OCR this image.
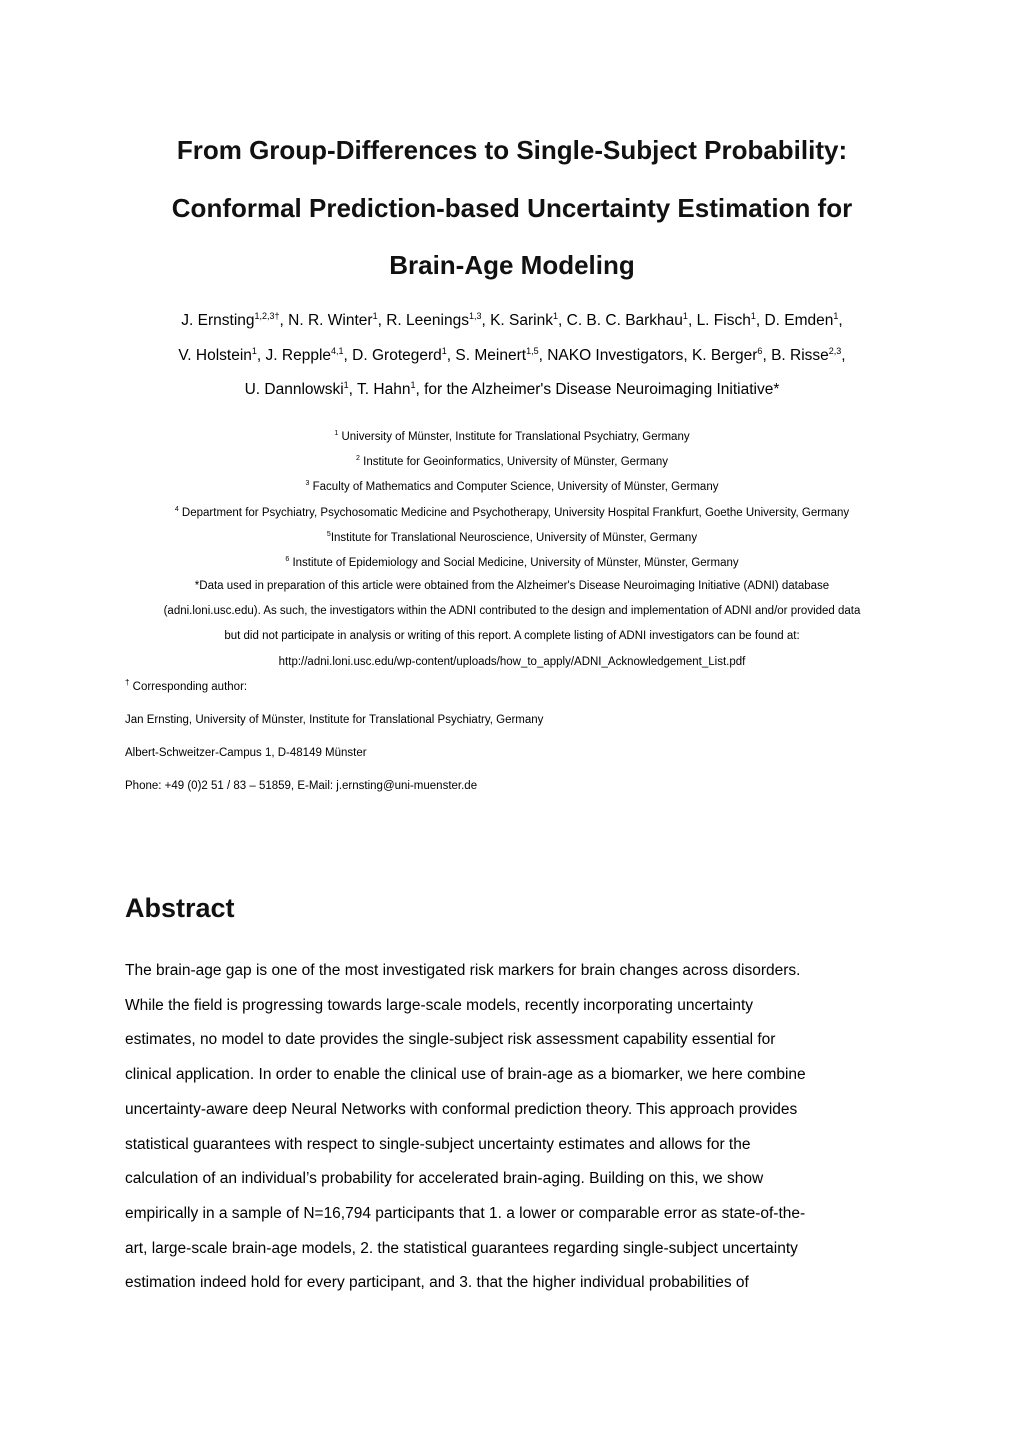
From Group-Differences to Single-Subject Probability:
Conformal Prediction-based Uncertainty Estimation for
Brain-Age Modeling
J. Ernsting$^{1,2,3\dagger}$, N. R. Winter$^1$, R. Leenings$^{1,3}$, K. Sarink$^1$, C. B. C. Barkhau$^1$, L. Fisch$^1$, D. Emden$^1$,
V. Holstein$^1$, J. Repple$^{4,1}$, D. Grotegerd$^1$, S. Meinert$^{1,5}$, NAKO Investigators, K. Berger$^6$, B. Risse$^{2,3}$,
U. Dannlowski$^1$, T. Hahn$^1$, for the Alzheimer's Disease Neuroimaging Initiative*
$^1$ University of Münster, Institute for Translational Psychiatry, Germany
$^2$ Institute for Geoinformatics, University of Münster, Germany
$^3$ Faculty of Mathematics and Computer Science, University of Münster, Germany
$^4$ Department for Psychiatry, Psychosomatic Medicine and Psychotherapy, University Hospital Frankfurt, Goethe University, Germany
$^5$Institute for Translational Neuroscience, University of Münster, Germany
$^6$ Institute of Epidemiology and Social Medicine, University of Münster, Münster, Germany
*Data used in preparation of this article were obtained from the Alzheimer's Disease Neuroimaging Initiative (ADNI) database
(adni.loni.usc.edu). As such, the investigators within the ADNI contributed to the design and implementation of ADNI and/or provided data
but did not participate in analysis or writing of this report. A complete listing of ADNI investigators can be found at:
http://adni.loni.usc.edu/wp-content/uploads/how_to_apply/ADNI_Acknowledgement_List.pdf
† Corresponding author:
Jan Ernsting, University of Münster, Institute for Translational Psychiatry, Germany
Albert-Schweitzer-Campus 1, D-48149 Münster
Phone: +49 (0)2 51 / 83 – 51859, E-Mail: j.ernsting@uni-muenster.de
Abstract
The brain-age gap is one of the most investigated risk markers for brain changes across disorders.
While the field is progressing towards large-scale models, recently incorporating uncertainty
estimates, no model to date provides the single-subject risk assessment capability essential for
clinical application. In order to enable the clinical use of brain-age as a biomarker, we here combine
uncertainty-aware deep Neural Networks with conformal prediction theory. This approach provides
statistical guarantees with respect to single-subject uncertainty estimates and allows for the
calculation of an individual’s probability for accelerated brain-aging. Building on this, we show
empirically in a sample of N=16,794 participants that 1. a lower or comparable error as state-of-the-
art, large-scale brain-age models, 2. the statistical guarantees regarding single-subject uncertainty
estimation indeed hold for every participant, and 3. that the higher individual probabilities of
